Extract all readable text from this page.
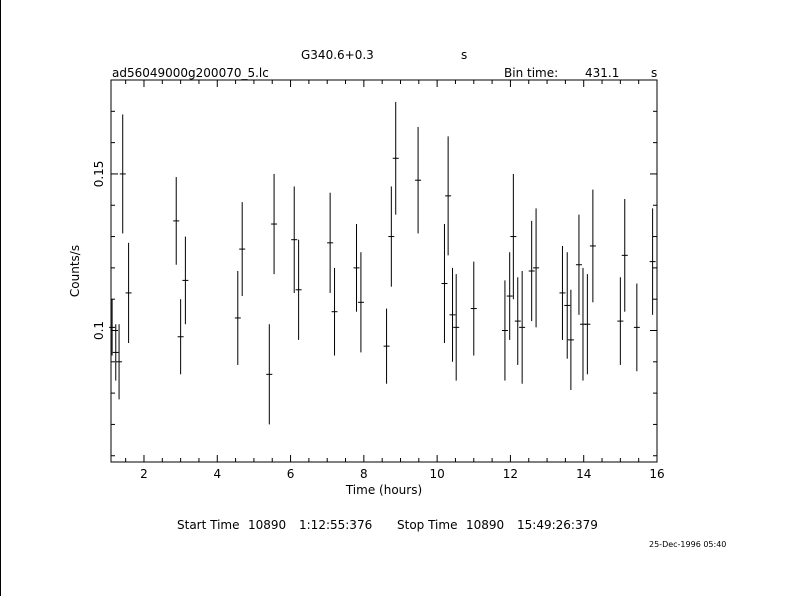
G340.6+0.3	s
ad56049000g200070_5.lc	Bin time: 431.1	s
2	4	6	8	10	12	14	16
0.1
0.15
Time (hours)
Counts/s
Start Time 10890 1:12:55:376 Stop Time 10890 15:49:26:379
25-Dec-1996 05:40
